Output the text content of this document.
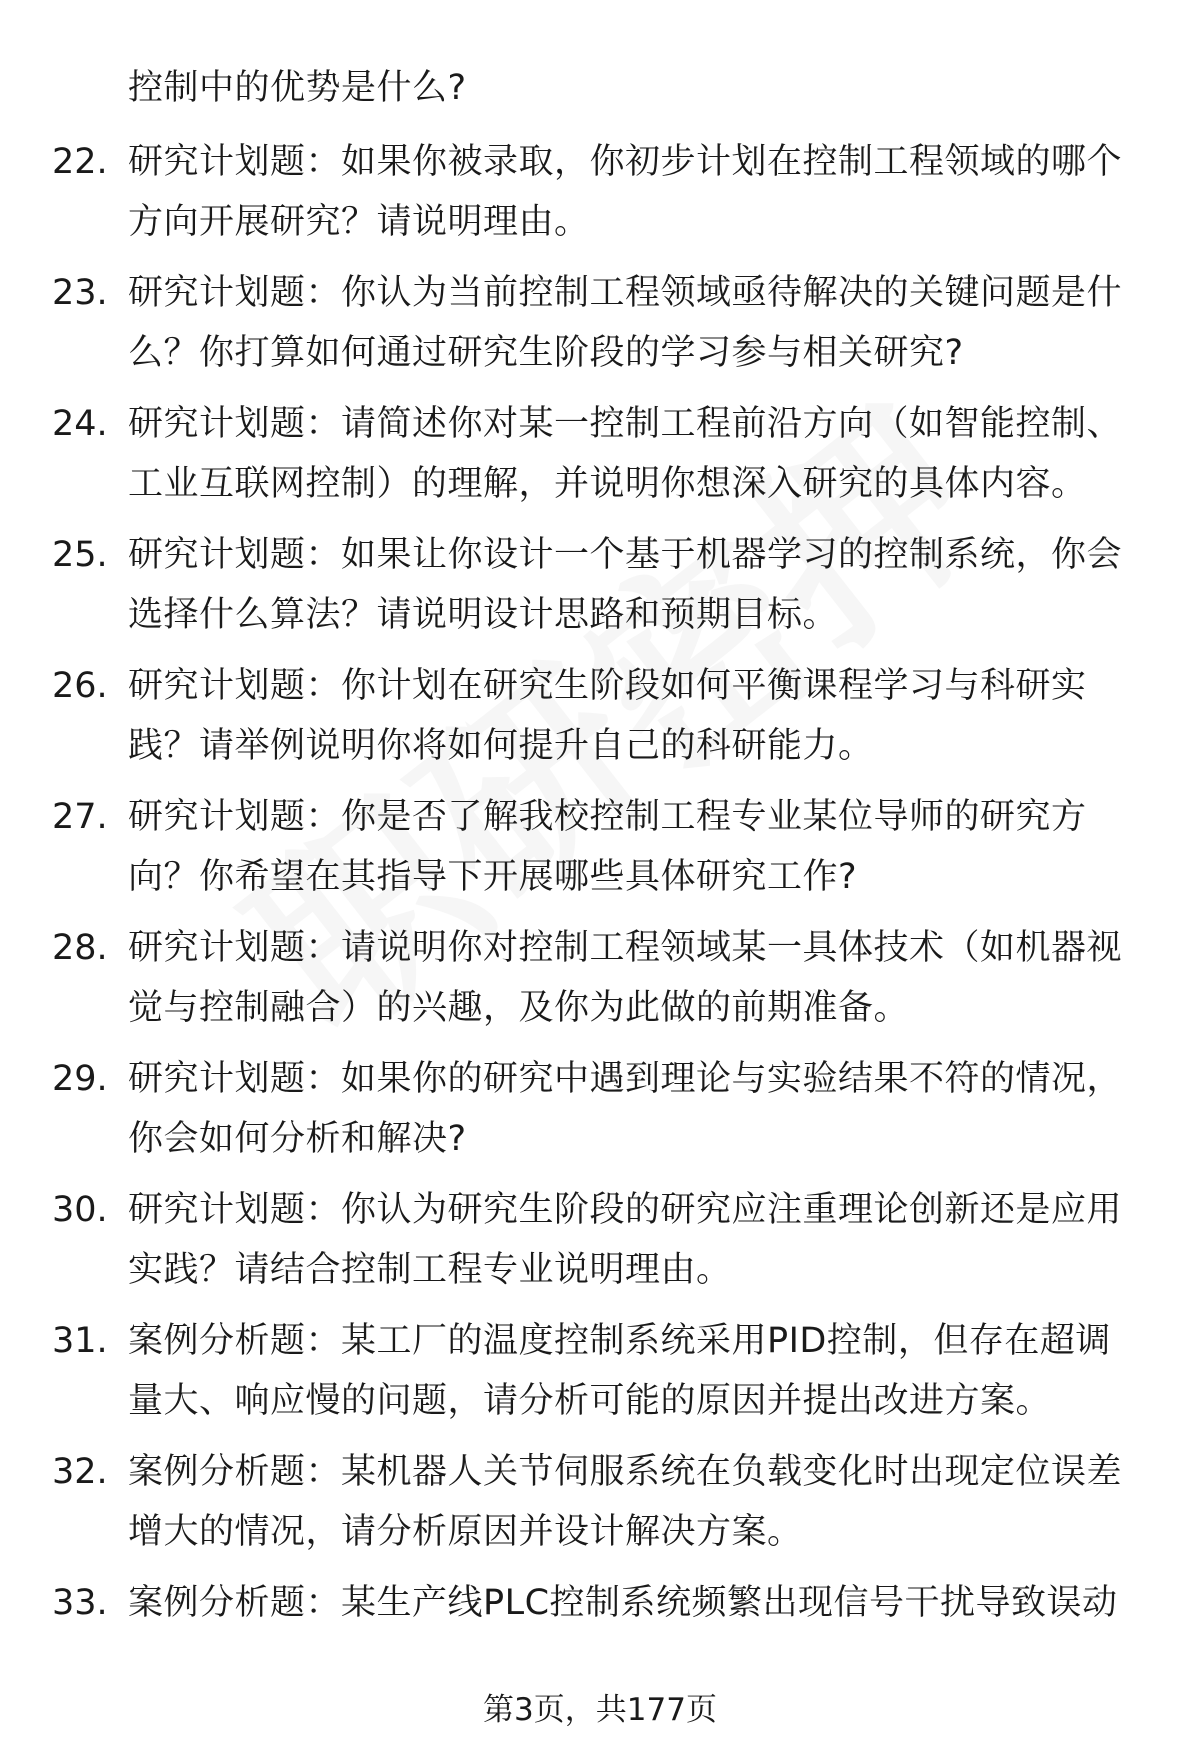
控制中的优势是什么?
22. 研究计划题：如果你被录取，你初步计划在控制工程领域的哪个方向开展研究？请说明理由。
23. 研究计划题：你认为当前控制工程领域亟待解决的关键问题是什么？你打算如何通过研究生阶段的学习参与相关研究?
24. 研究计划题：请简述你对某一控制工程前沿方向（如智能控制、工业互联网控制）的理解，并说明你想深入研究的具体内容。
25. 研究计划题：如果让你设计一个基于机器学习的控制系统，你会选择什么算法？请说明设计思路和预期目标。
26. 研究计划题：你计划在研究生阶段如何平衡课程学习与科研实践？请举例说明你将如何提升自己的科研能力。
27. 研究计划题：你是否了解我校控制工程专业某位导师的研究方向？你希望在其指导下开展哪些具体研究工作?
28. 研究计划题：请说明你对控制工程领域某一具体技术（如机器视觉与控制融合）的兴趣，及你为此做的前期准备。
29. 研究计划题：如果你的研究中遇到理论与实验结果不符的情况，你会如何分析和解决?
30. 研究计划题：你认为研究生阶段的研究应注重理论创新还是应用实践？请结合控制工程专业说明理由。
31. 案例分析题：某工厂的温度控制系统采用PID控制，但存在超调量大、响应慢的问题，请分析可能的原因并提出改进方案。
32. 案例分析题：某机器人关节伺服系统在负载变化时出现定位误差增大的情况，请分析原因并设计解决方案。
33. 案例分析题：某生产线PLC控制系统频繁出现信号干扰导致误动
第3页，共177页
